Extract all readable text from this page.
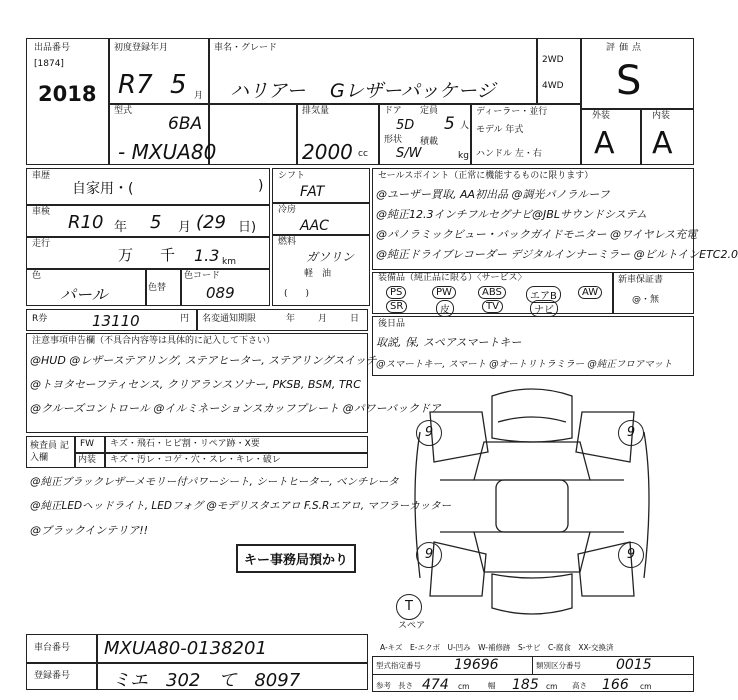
出品番号
[1874]
2018
初度登録年月
R7 5 月
車名・グレード
ハリアー Gレザーパッケージ
2WD
4WD
評価点
S
型式
6BA
- MXUA80
排気量
2000 cc
ドア
5D
形状
S/W
定員
5 人
積載
kg
ディーラー・並行
モデル 年式
ハンドル 左・右
外装	内装
A A
車歴
自家用・(	)
車検 R10 年 5 月 (29 日)
走行
万 千 1.3 km
色
パール	色替
色コード
089
R券	13110	円 名変通知期限	年	月	日
シフト
FAT
冷房
AAC
燃料
ガソリン
軽　油
(　　)
セールスポイント（正常に機能するものに限ります）
@ユーザー買取, AA初出品 @調光パノラルーフ
@純正12.3インチフルセグナビ@JBLサウンドシステム
@パノラミックビュー・バックガイドモニター @ワイヤレス充電
@純正ドライブレコーダー デジタルインナーミラー @ビルトインETC2.0
装備品（純正品に限る）〈サービス〉
PS	PW	ABS	エアB	AW
SR	皮	TV	ナビ
新車保証書
@・無
後日品
取説, 保, スペアスマートキー
@スマートキー, スマート @オートリトラミラー @純正フロアマット
注意事項申告欄（不具合内容等は具体的に記入して下さい）
@HUD @レザーステアリング, ステアヒーター, ステアリングスイッチ
@トヨタセーフティセンス, クリアランスソナー, PKSB, BSM, TRC
@クルーズコントロール @イルミネーションスカッフプレート @パワーバックドア
検査員 記入欄
FW キズ・飛石・ヒビ割・リペア跡・X要
内装 キズ・汚レ・コゲ・穴・スレ・キレ・破レ
@純正ブラックレザーメモリー付パワーシート, シートヒーター, ベンチレータ
@純正LEDヘッドライト, LEDフォグ @モデリスタエアロ F.S.Rエアロ, マフラーカッター
@ブラックインテリア!!
キー事務局預かり
9	9
9	9
T
スペア
車台番号 MXUA80-0138201
登録番号 ミエ　302　て　8097
A-キズ　E-エクボ　U-凹み　W-補修跡　S-サビ　C-腐食　XX-交換済
型式指定番号 19696	類別区分番号	0015
参考 長さ 474 cm 幅 185 cm 高さ 166 cm
